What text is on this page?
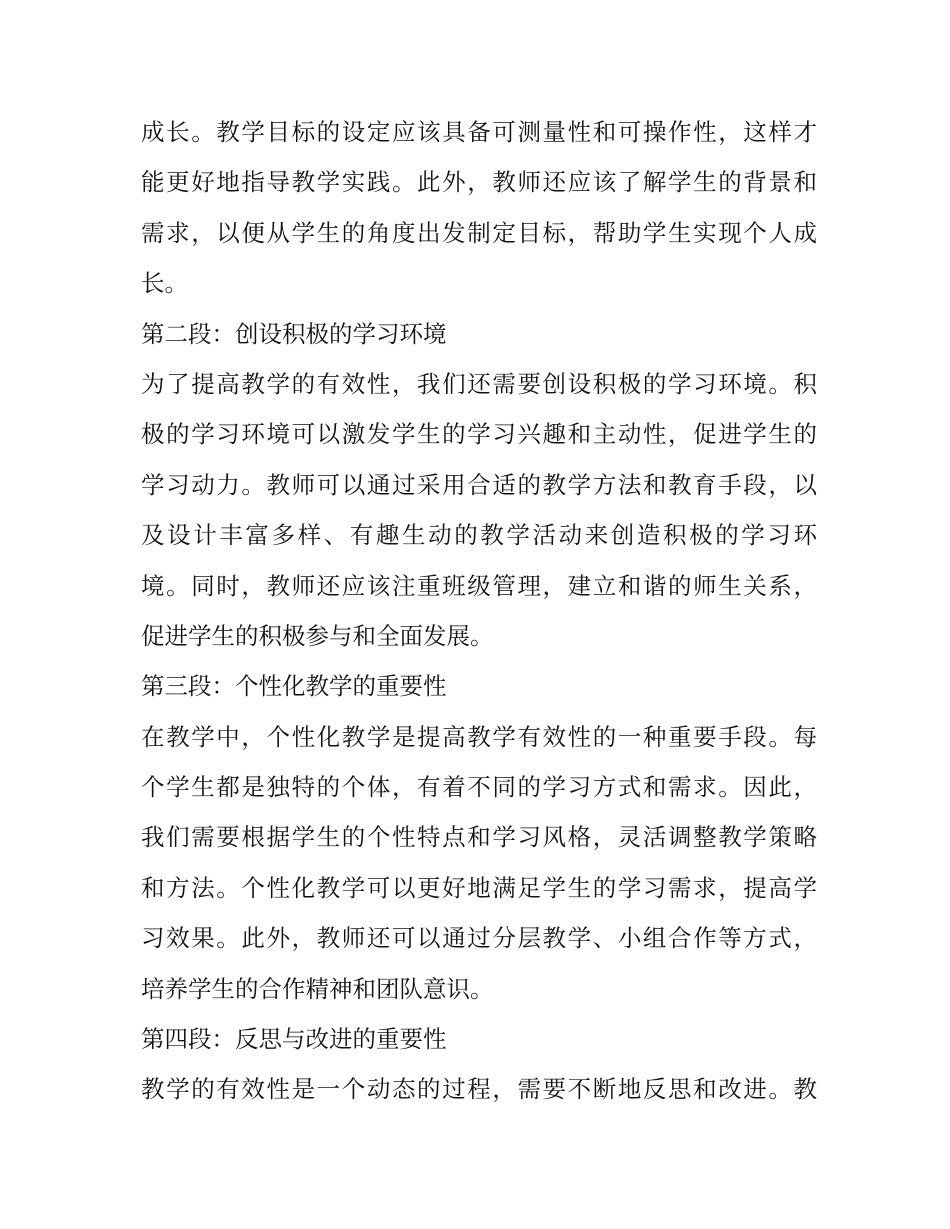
成长。教学目标的设定应该具备可测量性和可操作性，这样才
能更好地指导教学实践。此外，教师还应该了解学生的背景和
需求，以便从学生的角度出发制定目标，帮助学生实现个人成
长。
第二段：创设积极的学习环境
为了提高教学的有效性，我们还需要创设积极的学习环境。积
极的学习环境可以激发学生的学习兴趣和主动性，促进学生的
学习动力。教师可以通过采用合适的教学方法和教育手段，以
及设计丰富多样、有趣生动的教学活动来创造积极的学习环
境。同时，教师还应该注重班级管理，建立和谐的师生关系，
促进学生的积极参与和全面发展。
第三段：个性化教学的重要性
在教学中，个性化教学是提高教学有效性的一种重要手段。每
个学生都是独特的个体，有着不同的学习方式和需求。因此，
我们需要根据学生的个性特点和学习风格，灵活调整教学策略
和方法。个性化教学可以更好地满足学生的学习需求，提高学
习效果。此外，教师还可以通过分层教学、小组合作等方式，
培养学生的合作精神和团队意识。
第四段：反思与改进的重要性
教学的有效性是一个动态的过程，需要不断地反思和改进。教
